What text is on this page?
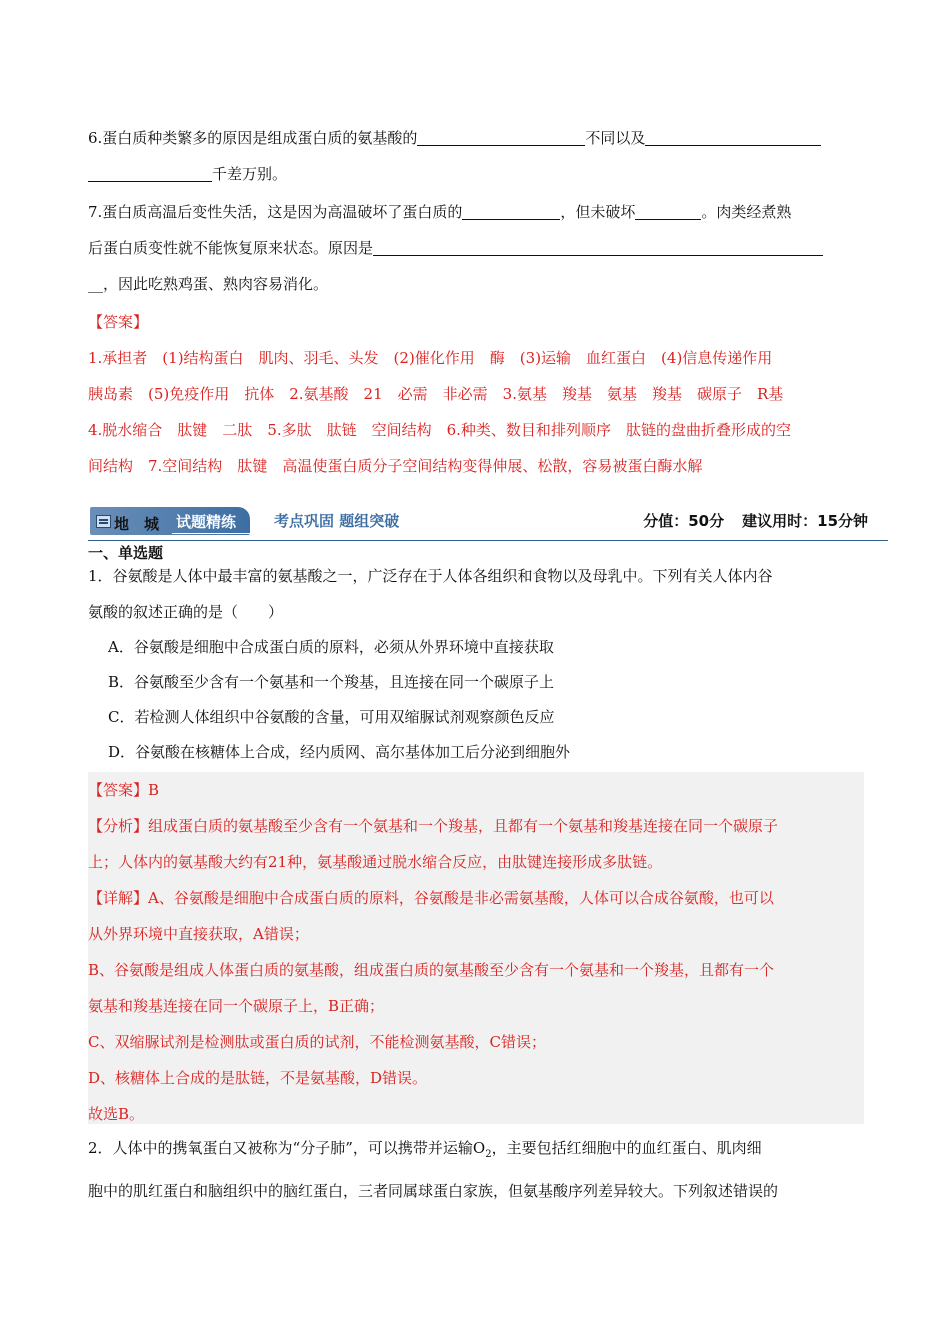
6.蛋白质种类繁多的原因是组成蛋白质的氨基酸的	不同以及
千差万别。
7.蛋白质高温后变性失活，这是因为高温破坏了蛋白质的	，但未破坏	。肉类经煮熟
后蛋白质变性就不能恢复原来状态。原因是
__，因此吃熟鸡蛋、熟肉容易消化。
【答案】
1.承担者　(1)结构蛋白　肌肉、羽毛、头发　(2)催化作用　酶　(3)运输　血红蛋白　(4)信息传递作用
胰岛素　(5)免疫作用　抗体　2.氨基酸　21　必需　非必需　3.氨基　羧基　氨基　羧基　碳原子　R基
4.脱水缩合　肽键　二肽　5.多肽　肽链　空间结构　6.种类、数目和排列顺序　肽链的盘曲折叠形成的空
间结构　7.空间结构　肽键　高温使蛋白质分子空间结构变得伸展、松散，容易被蛋白酶水解
地　城 试题精练	考点巩固 题组突破	分值：50分 建议用时：15分钟
一、单选题
1．谷氨酸是人体中最丰富的氨基酸之一，广泛存在于人体各组织和食物以及母乳中。下列有关人体内谷
氨酸的叙述正确的是（　　）
A．谷氨酸是细胞中合成蛋白质的原料，必须从外界环境中直接获取
B．谷氨酸至少含有一个氨基和一个羧基，且连接在同一个碳原子上
C．若检测人体组织中谷氨酸的含量，可用双缩脲试剂观察颜色反应
D．谷氨酸在核糖体上合成，经内质网、高尔基体加工后分泌到细胞外
【答案】B
【分析】组成蛋白质的氨基酸至少含有一个氨基和一个羧基，且都有一个氨基和羧基连接在同一个碳原子
上；人体内的氨基酸大约有21种，氨基酸通过脱水缩合反应，由肽键连接形成多肽链。
【详解】A、谷氨酸是细胞中合成蛋白质的原料，谷氨酸是非必需氨基酸，人体可以合成谷氨酸，也可以
从外界环境中直接获取，A错误；
B、谷氨酸是组成人体蛋白质的氨基酸，组成蛋白质的氨基酸至少含有一个氨基和一个羧基，且都有一个
氨基和羧基连接在同一个碳原子上，B正确；
C、双缩脲试剂是检测肽或蛋白质的试剂，不能检测氨基酸，C错误；
D、核糖体上合成的是肽链，不是氨基酸，D错误。
故选B。
2．人体中的携氧蛋白又被称为“分子肺”，可以携带并运输$O_2$，主要包括红细胞中的血红蛋白、肌肉细
胞中的肌红蛋白和脑组织中的脑红蛋白，三者同属球蛋白家族，但氨基酸序列差异较大。下列叙述错误的
